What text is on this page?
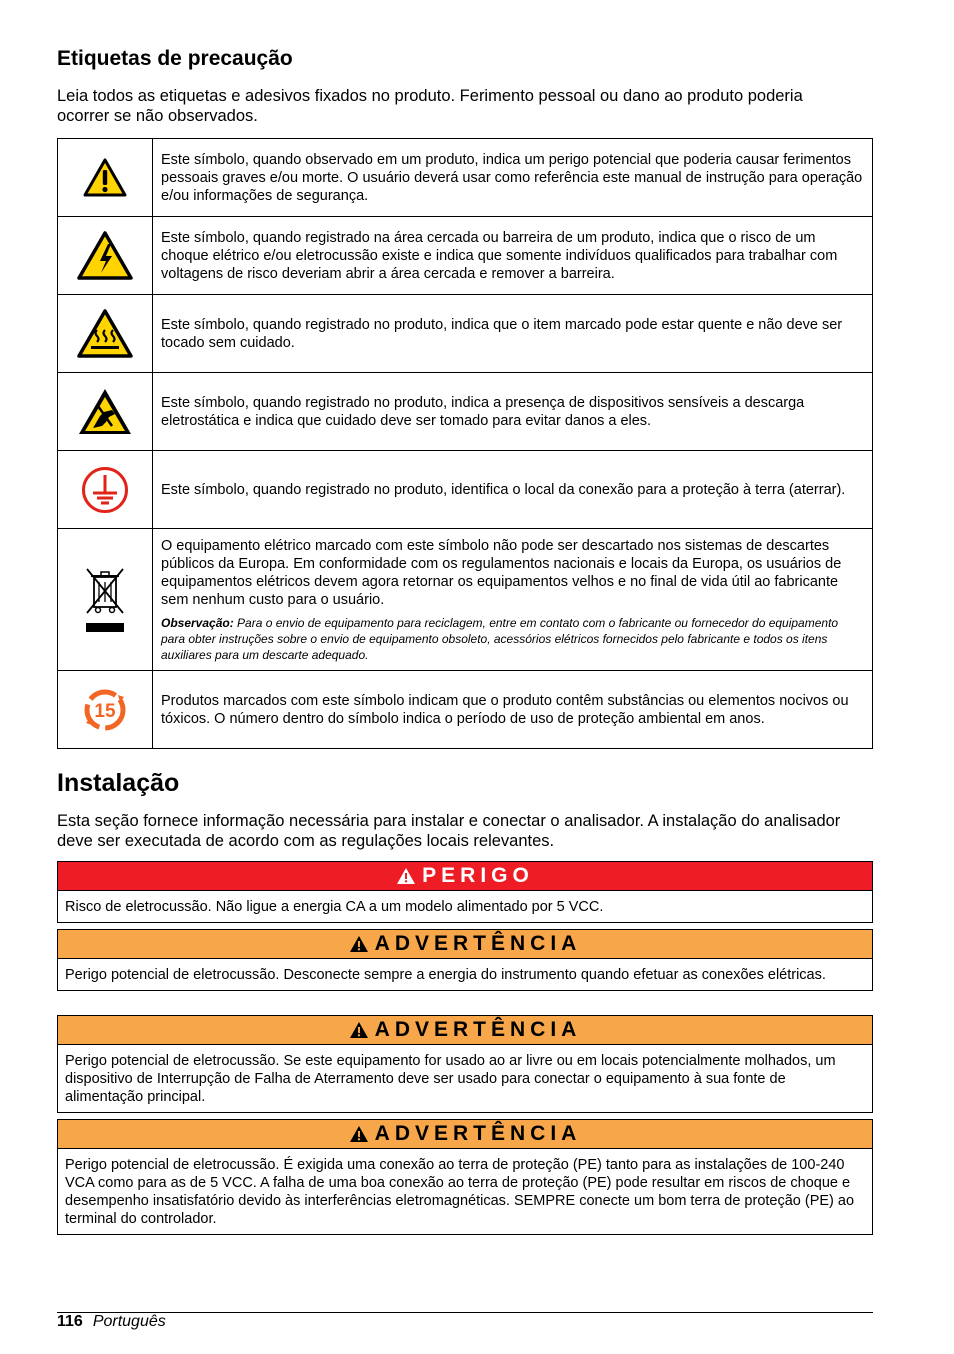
Etiquetas de precaução

Leia todos as etiquetas e adesivos fixados no produto. Ferimento pessoal ou dano ao produto poderia ocorrer se não observados.

	Este símbolo, quando observado em um produto, indica um perigo potencial que poderia causar ferimentos pessoais graves e/ou morte. O usuário deverá usar como referência este manual de instrução para operação e/ou informações de segurança.

	Este símbolo, quando registrado na área cercada ou barreira de um produto, indica que o risco de um choque elétrico e/ou eletrocussão existe e indica que somente indivíduos qualificados para trabalhar com voltagens de risco deveriam abrir a área cercada e remover a barreira.

	Este símbolo, quando registrado no produto, indica que o item marcado pode estar quente e não deve ser tocado sem cuidado.

	Este símbolo, quando registrado no produto, indica a presença de dispositivos sensíveis a descarga eletrostática e indica que cuidado deve ser tomado para evitar danos a eles.

	Este símbolo, quando registrado no produto, identifica o local da conexão para a proteção à terra (aterrar).

O equipamento elétrico marcado com este símbolo não pode ser descartado nos sistemas de descartes públicos da Europa. Em conformidade com os regulamentos nacionais e locais da Europa, os usuários de equipamentos elétricos devem agora retornar os equipamentos velhos e no final de vida útil ao fabricante sem nenhum custo para o usuário.
Observação: Para o envio de equipamento para reciclagem, entre em contato com o fabricante ou fornecedor do equipamento para obter instruções sobre o envio de equipamento obsoleto, acessórios elétricos fornecidos pelo fabricante e todos os itens auxiliares para um descarte adequado.

15	Produtos marcados com este símbolo indicam que o produto contêm substâncias ou elementos nocivos ou tóxicos. O número dentro do símbolo indica o período de uso de proteção ambiental em anos.
Instalação

Esta seção fornece informação necessária para instalar e conectar o analisador. A instalação do analisador deve ser executada de acordo com as regulações locais relevantes.

PERIGO
Risco de eletrocussão. Não ligue a energia CA a um modelo alimentado por 5 VCC.
ADVERTÊNCIA
Perigo potencial de eletrocussão. Desconecte sempre a energia do instrumento quando efetuar as conexões elétricas.
ADVERTÊNCIA
Perigo potencial de eletrocussão. Se este equipamento for usado ao ar livre ou em locais potencialmente molhados, um dispositivo de Interrupção de Falha de Aterramento deve ser usado para conectar o equipamento à sua fonte de alimentação principal.
ADVERTÊNCIA
Perigo potencial de eletrocussão. É exigida uma conexão ao terra de proteção (PE) tanto para as instalações de 100-240 VCA como para as de 5 VCC. A falha de uma boa conexão ao terra de proteção (PE) pode resultar em riscos de choque e desempenho insatisfatório devido às interferências eletromagnéticas. SEMPRE conecte um bom terra de proteção (PE) ao terminal do controlador.
116 Português
